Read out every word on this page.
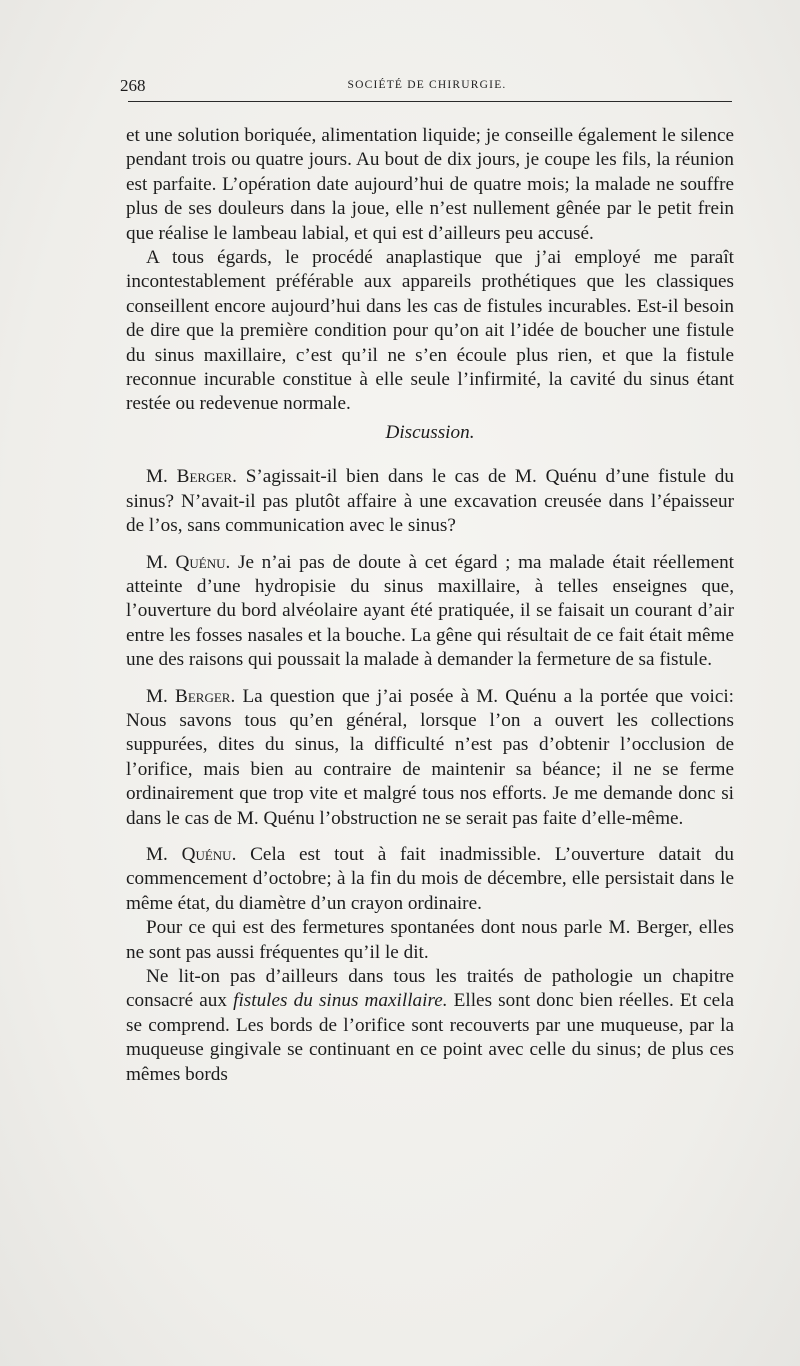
268	SOCIÉTÉ DE CHIRURGIE.

et une solution boriquée, alimentation liquide; je conseille également le silence pendant trois ou quatre jours. Au bout de dix jours, je coupe les fils, la réunion est parfaite. L’opération date aujourd’hui de quatre mois; la malade ne souffre plus de ses douleurs dans la joue, elle n’est nullement gênée par le petit frein que réalise le lambeau labial, et qui est d’ailleurs peu accusé.

A tous égards, le procédé anaplastique que j’ai employé me paraît incontestablement préférable aux appareils prothétiques que les classiques conseillent encore aujourd’hui dans les cas de fistules incurables. Est-il besoin de dire que la première condition pour qu’on ait l’idée de boucher une fistule du sinus maxillaire, c’est qu’il ne s’en écoule plus rien, et que la fistule reconnue incurable constitue à elle seule l’infirmité, la cavité du sinus étant restée ou redevenue normale.

Discussion.

M. Berger. S’agissait-il bien dans le cas de M. Quénu d’une fistule du sinus? N’avait-il pas plutôt affaire à une excavation creusée dans l’épaisseur de l’os, sans communication avec le sinus?

M. Quénu. Je n’ai pas de doute à cet égard ; ma malade était réellement atteinte d’une hydropisie du sinus maxillaire, à telles enseignes que, l’ouverture du bord alvéolaire ayant été pratiquée, il se faisait un courant d’air entre les fosses nasales et la bouche. La gêne qui résultait de ce fait était même une des raisons qui poussait la malade à demander la fermeture de sa fistule.

M. Berger. La question que j’ai posée à M. Quénu a la portée que voici: Nous savons tous qu’en général, lorsque l’on a ouvert les collections suppurées, dites du sinus, la difficulté n’est pas d’obtenir l’occlusion de l’orifice, mais bien au contraire de maintenir sa béance; il ne se ferme ordinairement que trop vite et malgré tous nos efforts. Je me demande donc si dans le cas de M. Quénu l’obstruction ne se serait pas faite d’elle-même.

M. Quénu. Cela est tout à fait inadmissible. L’ouverture datait du commencement d’octobre; à la fin du mois de décembre, elle persistait dans le même état, du diamètre d’un crayon ordinaire.

Pour ce qui est des fermetures spontanées dont nous parle M. Berger, elles ne sont pas aussi fréquentes qu’il le dit.

Ne lit-on pas d’ailleurs dans tous les traités de pathologie un chapitre consacré aux fistules du sinus maxillaire. Elles sont donc bien réelles. Et cela se comprend. Les bords de l’orifice sont recouverts par une muqueuse, par la muqueuse gingivale se continuant en ce point avec celle du sinus; de plus ces mêmes bords
